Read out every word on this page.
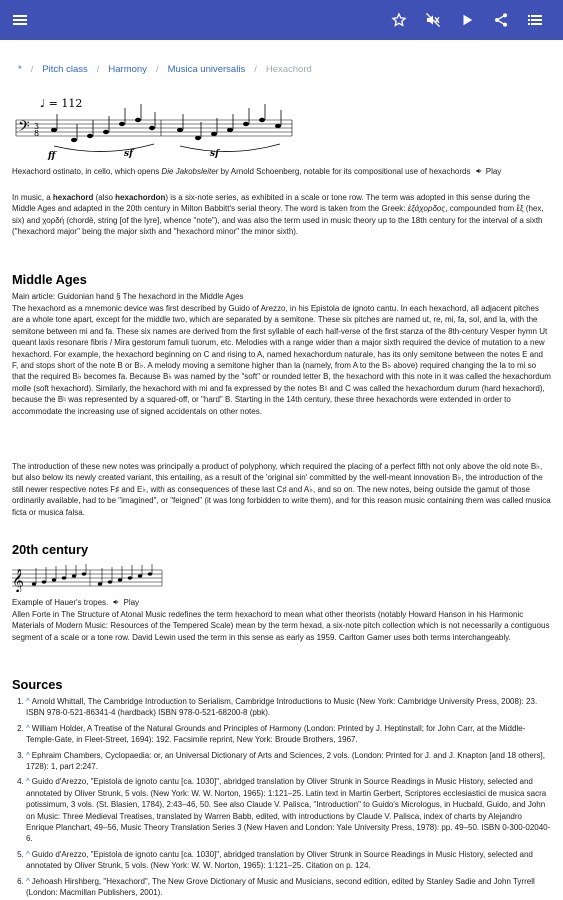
* / Pitch class / Harmony / Musica universalis / Hexachord
♩ = 112
𝄢 3
8
ff	sf	sf
Hexachord ostinato, in cello, which opens Die Jakobsleiter by Arnold Schoenberg, notable for its compositional use of hexachords Play
In music, a hexachord (also hexachordon) is a six-note series, as exhibited in a scale or tone row. The term was adopted in this sense during the Middle Ages and adapted in the 20th century in Milton Babbitt's serial theory. The word is taken from the Greek: ἑξάχορδος, compounded from ἕξ (hex, six) and χορδή (chordē, string [of the lyre], whence "note"), and was also the term used in music theory up to the 18th century for the interval of a sixth ("hexachord major" being the major sixth and "hexachord minor" the minor sixth).
Middle Ages
Main article: Guidonian hand § The hexachord in the Middle Ages
The hexachord as a mnemonic device was first described by Guido of Arezzo, in his Epistola de ignoto cantu. In each hexachord, all adjacent pitches are a whole tone apart, except for the middle two, which are separated by a semitone. These six pitches are named ut, re, mi, fa, sol, and la, with the semitone between mi and fa. These six names are derived from the first syllable of each half-verse of the first stanza of the 8th-century Vesper hymn Ut queant laxis resonare fibris / Mira gestorum famuli tuorum, etc. Melodies with a range wider than a major sixth required the device of mutation to a new hexachord. For example, the hexachord beginning on C and rising to A, named hexachordum naturale, has its only semitone between the notes E and F, and stops short of the note B or B♭. A melody moving a semitone higher than la (namely, from A to the B♭ above) required changing the la to mi so that the required B♭ becomes fa. Because B♭ was named by the "soft" or rounded letter B, the hexachord with this note in it was called the hexachordum molle (soft hexachord). Similarly, the hexachord with mi and fa expressed by the notes B♮ and C was called the hexachordum durum (hard hexachord), because the B♮ was represented by a squared-off, or "hard" B. Starting in the 14th century, these three hexachords were extended in order to accommodate the increasing use of signed accidentals on other notes.
The introduction of these new notes was principally a product of polyphony, which required the placing of a perfect fifth not only above the old note B♭, but also below its newly created variant, this entailing, as a result of the 'original sin' committed by the well-meant innovation B♭, the introduction of the still newer respective notes F♯ and E♭, with as consequences of these last C♯ and A♭, and so on. The new notes, being outside the gamut of those ordinarily available, had to be "imagined", or "feigned" (it was long forbidden to write them), and for this reason music containing them was called musica ficta or musica falsa.
20th century
𝄞
Example of Hauer's tropes. Play
Allen Forte in The Structure of Atonal Music redefines the term hexachord to mean what other theorists (notably Howard Hanson in his Harmonic Materials of Modern Music: Resources of the Tempered Scale) mean by the term hexad, a six-note pitch collection which is not necessarily a contiguous segment of a scale or a tone row. David Lewin used the term in this sense as early as 1959. Carlton Gamer uses both terms interchangeably.
Sources
1. ^ Arnold Whittall, The Cambridge Introduction to Serialism, Cambridge Introductions to Music (New York: Cambridge University Press, 2008): 23. ISBN 978-0-521-86341-4 (hardback) ISBN 978-0-521-68200-8 (pbk).
2. ^ William Holder, A Treatise of the Natural Grounds and Principles of Harmony (London: Printed by J. Heptinstall; for John Carr, at the Middle-Temple-Gate, in Fleet-Street, 1694): 192. Facsimile reprint, New York: Broude Brothers, 1967.
3. ^ Ephraim Chambers, Cyclopaedia: or, an Universal Dictionary of Arts and Sciences, 2 vols. (London: Printed for J. and J. Knapton [and 18 others], 1728): 1, part 2:247.
4. ^ Guido d'Arezzo, "Epistola de ignoto cantu [ca. 1030]", abridged translation by Oliver Strunk in Source Readings in Music History, selected and annotated by Oliver Strunk, 5 vols. (New York: W. W. Norton, 1965): 1:121–25. Latin text in Martin Gerbert, Scriptores ecclesiastici de musica sacra potissimum, 3 vols. (St. Blasien, 1784), 2:43–46, 50. See also Claude V. Palisca, "Introduction" to Guido's Micrologus, in Hucbald, Guido, and John on Music: Three Medieval Treatises, translated by Warren Babb, edited, with introductions by Claude V. Palisca, index of charts by Alejandro Enrique Planchart, 49–56, Music Theory Translation Series 3 (New Haven and London: Yale University Press, 1978): pp. 49–50. ISBN 0-300-02040-6.
5. ^ Guido d'Arezzo, "Epistola de ignoto cantu [ca. 1030]", abridged translation by Oliver Strunk in Source Readings in Music History, selected and annotated by Oliver Strunk, 5 vols. (New York: W. W. Norton, 1965): 1:121–25. Citation on p. 124.
6. ^ Jehoash Hirshberg, "Hexachord", The New Grove Dictionary of Music and Musicians, second edition, edited by Stanley Sadie and John Tyrrell (London: Macmillan Publishers, 2001).
